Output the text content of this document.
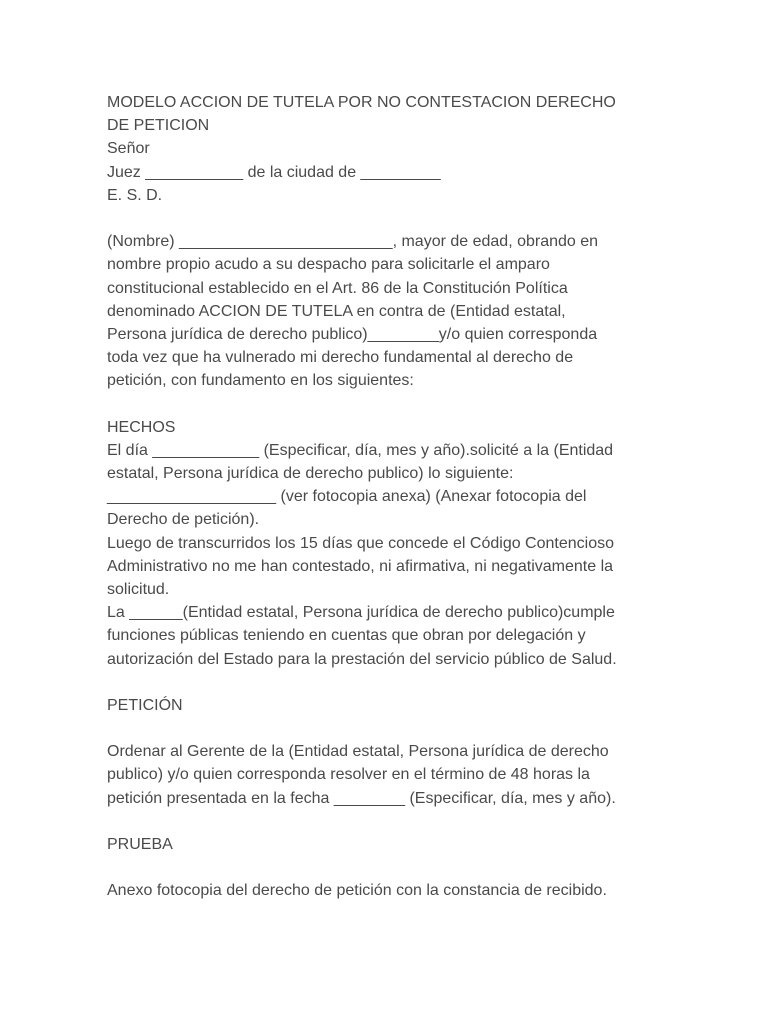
MODELO ACCION DE TUTELA POR NO CONTESTACION DERECHO
DE PETICION
Señor
Juez ___________ de la ciudad de _________
E. S. D.
(Nombre) ________________________, mayor de edad, obrando en
nombre propio acudo a su despacho para solicitarle el amparo
constitucional establecido en el Art. 86 de la Constitución Política
denominado ACCION DE TUTELA en contra de (Entidad estatal,
Persona jurídica de derecho publico)________y/o quien corresponda
toda vez que ha vulnerado mi derecho fundamental al derecho de
petición, con fundamento en los siguientes:
HECHOS
El día ____________ (Especificar, día, mes y año).solicité a la (Entidad
estatal, Persona jurídica de derecho publico) lo siguiente:
___________________ (ver fotocopia anexa) (Anexar fotocopia del
Derecho de petición).
Luego de transcurridos los 15 días que concede el Código Contencioso
Administrativo no me han contestado, ni afirmativa, ni negativamente la
solicitud.
La ______(Entidad estatal, Persona jurídica de derecho publico)cumple
funciones públicas teniendo en cuentas que obran por delegación y
autorización del Estado para la prestación del servicio público de Salud.
PETICIÓN
Ordenar al Gerente de la (Entidad estatal, Persona jurídica de derecho
publico) y/o quien corresponda resolver en el término de 48 horas la
petición presentada en la fecha ________ (Especificar, día, mes y año).
PRUEBA
Anexo fotocopia del derecho de petición con la constancia de recibido.
